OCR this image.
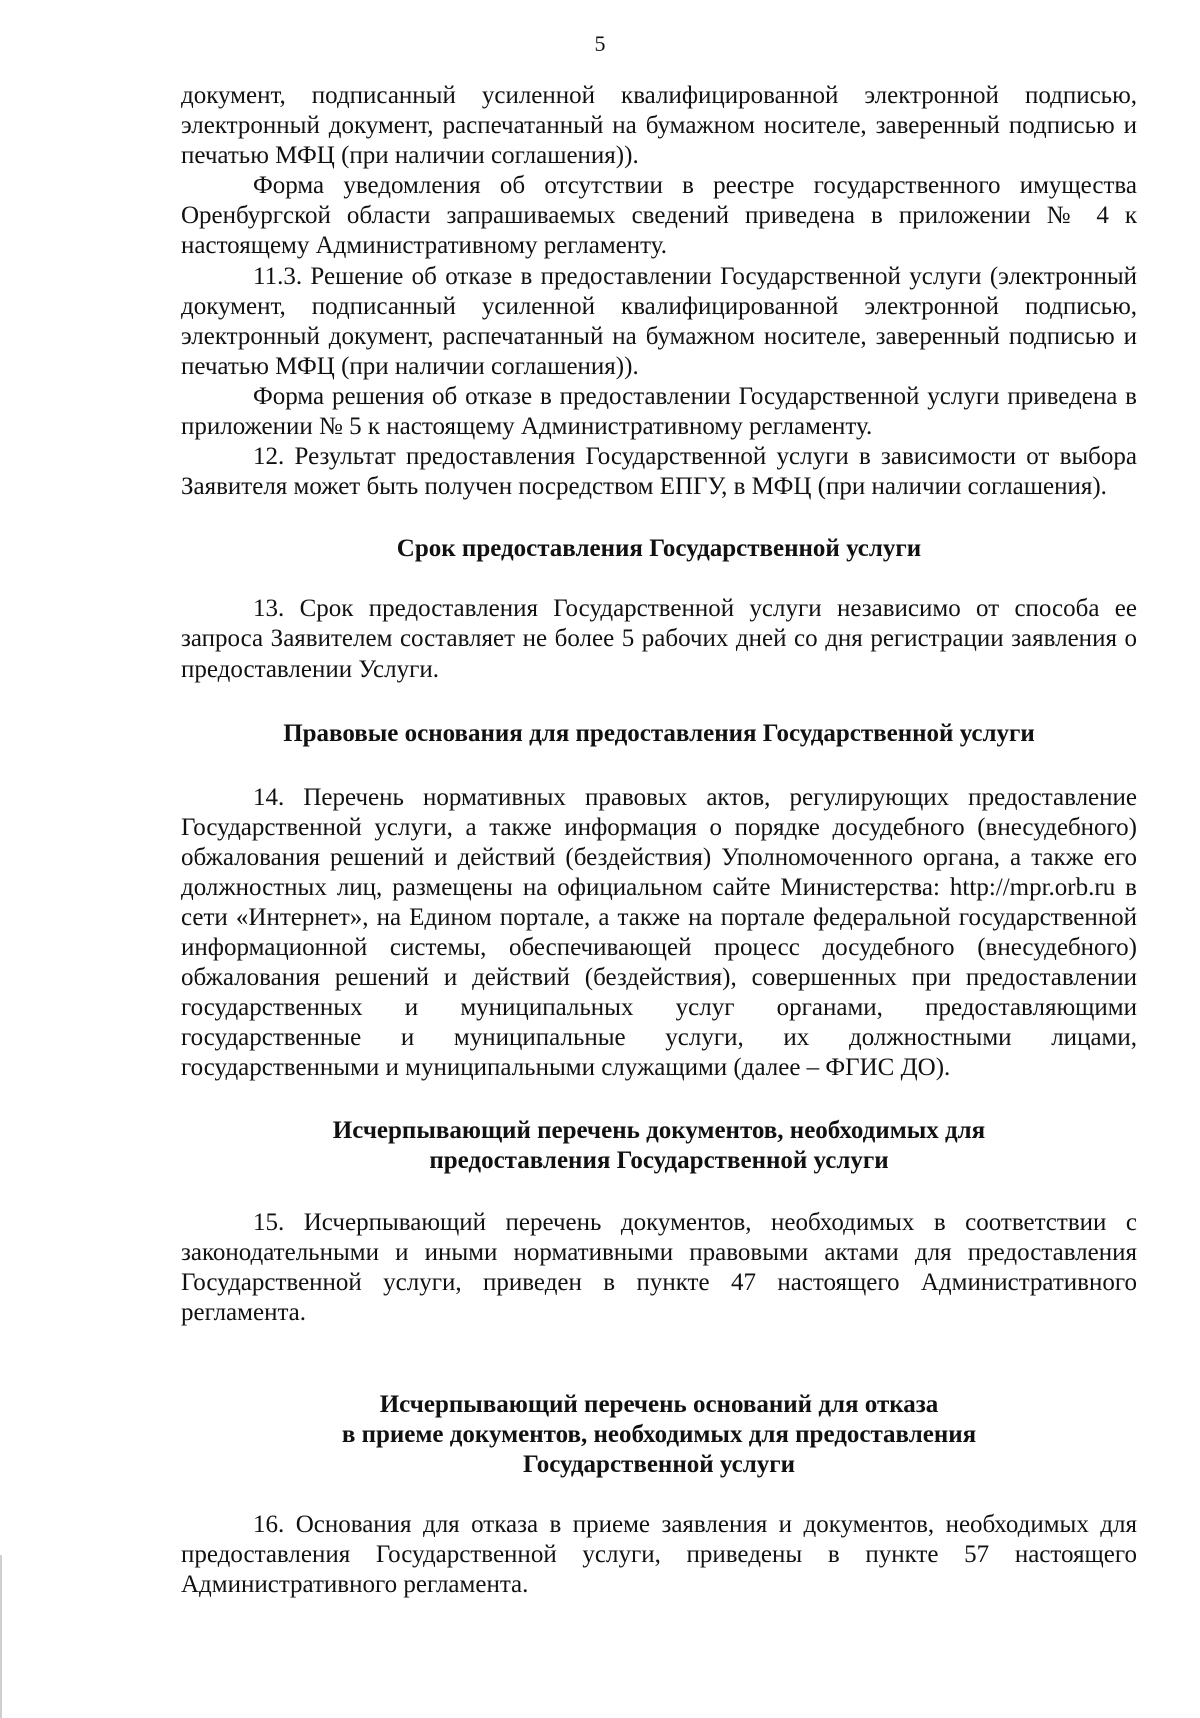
5

документ, подписанный усиленной квалифицированной электронной подписью, электронный документ, распечатанный на бумажном носителе, заверенный подписью и печатью МФЦ (при наличии соглашения)).

Форма уведомления об отсутствии в реестре государственного имущества Оренбургской области запрашиваемых сведений приведена в приложении № 4 к настоящему Административному регламенту.

11.3. Решение об отказе в предоставлении Государственной услуги (электронный документ, подписанный усиленной квалифицированной электронной подписью, электронный документ, распечатанный на бумажном носителе, заверенный подписью и печатью МФЦ (при наличии соглашения)).

Форма решения об отказе в предоставлении Государственной услуги приведена в приложении № 5 к настоящему Административному регламенту.

12. Результат предоставления Государственной услуги в зависимости от выбора Заявителя может быть получен посредством ЕПГУ, в МФЦ (при наличии соглашения).

Срок предоставления Государственной услуги

13. Срок предоставления Государственной услуги независимо от способа ее запроса Заявителем составляет не более 5 рабочих дней со дня регистрации заявления о предоставлении Услуги.

Правовые основания для предоставления Государственной услуги

14. Перечень нормативных правовых актов, регулирующих предоставление Государственной услуги, а также информация о порядке досудебного (внесудебного) обжалования решений и действий (бездействия) Уполномоченного органа, а также его должностных лиц, размещены на официальном сайте Министерства: http://mpr.orb.ru в сети «Интернет», на Едином портале, а также на портале федеральной государственной информационной системы, обеспечивающей процесс досудебного (внесудебного) обжалования решений и действий (бездействия), совершенных при предоставлении государственных и муниципальных услуг органами, предоставляющими государственные и муниципальные услуги, их должностными лицами, государственными и муниципальными служащими (далее – ФГИС ДО).

Исчерпывающий перечень документов, необходимых для
предоставления Государственной услуги

15. Исчерпывающий перечень документов, необходимых в соответствии с законодательными и иными нормативными правовыми актами для предоставления Государственной услуги, приведен в пункте 47 настоящего Административного регламента.

Исчерпывающий перечень оснований для отказа
в приеме документов, необходимых для предоставления
Государственной услуги

16. Основания для отказа в приеме заявления и документов, необходимых для предоставления Государственной услуги, приведены в пункте 57 настоящего Административного регламента.
